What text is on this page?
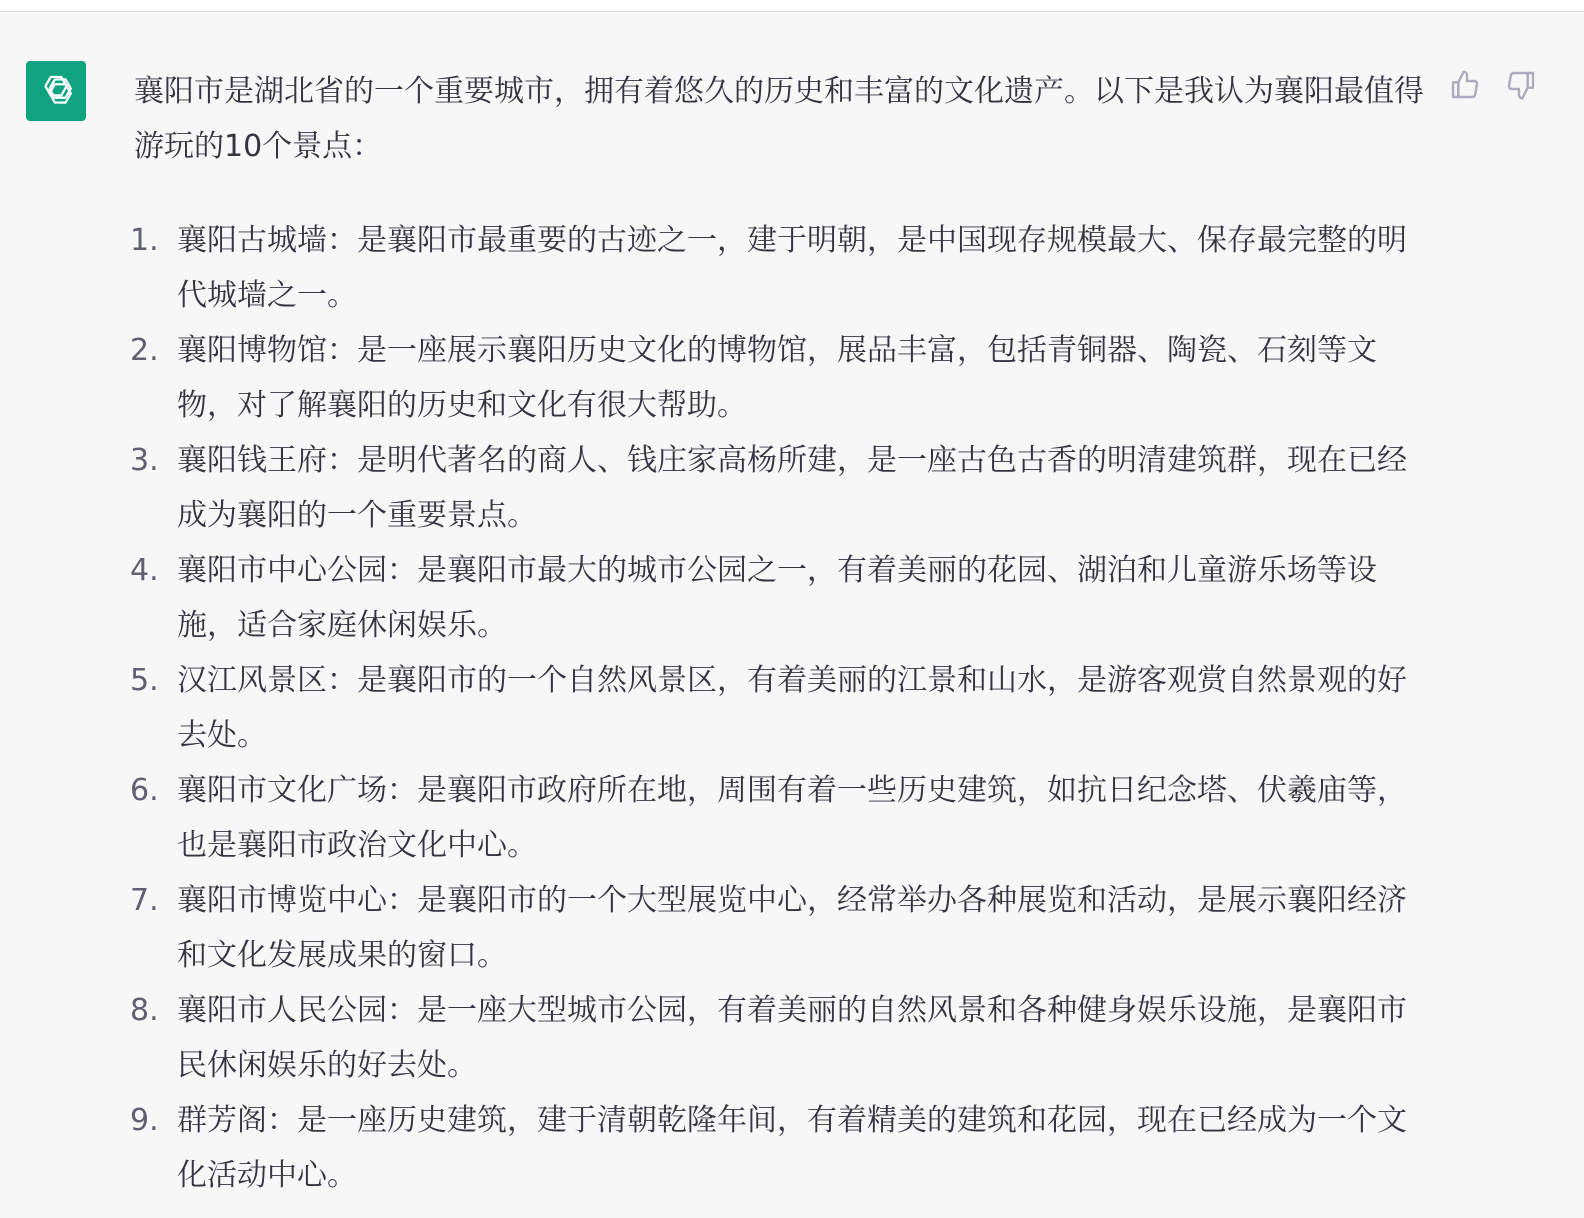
襄阳市是湖北省的一个重要城市，拥有着悠久的历史和丰富的文化遗产。以下是我认为襄阳最值得游玩的10个景点：

1. 襄阳古城墙：是襄阳市最重要的古迹之一，建于明朝，是中国现存规模最大、保存最完整的明代城墙之一。
2. 襄阳博物馆：是一座展示襄阳历史文化的博物馆，展品丰富，包括青铜器、陶瓷、石刻等文物，对了解襄阳的历史和文化有很大帮助。
3. 襄阳钱王府：是明代著名的商人、钱庄家高杨所建，是一座古色古香的明清建筑群，现在已经成为襄阳的一个重要景点。
4. 襄阳市中心公园：是襄阳市最大的城市公园之一，有着美丽的花园、湖泊和儿童游乐场等设施，适合家庭休闲娱乐。
5. 汉江风景区：是襄阳市的一个自然风景区，有着美丽的江景和山水，是游客观赏自然景观的好去处。
6. 襄阳市文化广场：是襄阳市政府所在地，周围有着一些历史建筑，如抗日纪念塔、伏羲庙等，也是襄阳市政治文化中心。
7. 襄阳市博览中心：是襄阳市的一个大型展览中心，经常举办各种展览和活动，是展示襄阳经济和文化发展成果的窗口。
8. 襄阳市人民公园：是一座大型城市公园，有着美丽的自然风景和各种健身娱乐设施，是襄阳市民休闲娱乐的好去处。
9. 群芳阁：是一座历史建筑，建于清朝乾隆年间，有着精美的建筑和花园，现在已经成为一个文化活动中心。
